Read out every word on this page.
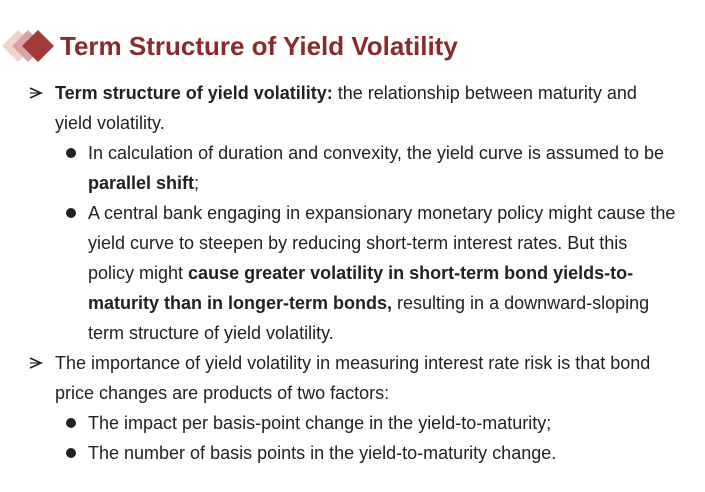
Term Structure of Yield Volatility
Term structure of yield volatility: the relationship between maturity and yield volatility.
In calculation of duration and convexity, the yield curve is assumed to be parallel shift;
A central bank engaging in expansionary monetary policy might cause the yield curve to steepen by reducing short-term interest rates. But this policy might cause greater volatility in short-term bond yields-to-maturity than in longer-term bonds, resulting in a downward-sloping term structure of yield volatility.
The importance of yield volatility in measuring interest rate risk is that bond price changes are products of two factors:
The impact per basis-point change in the yield-to-maturity;
The number of basis points in the yield-to-maturity change.
